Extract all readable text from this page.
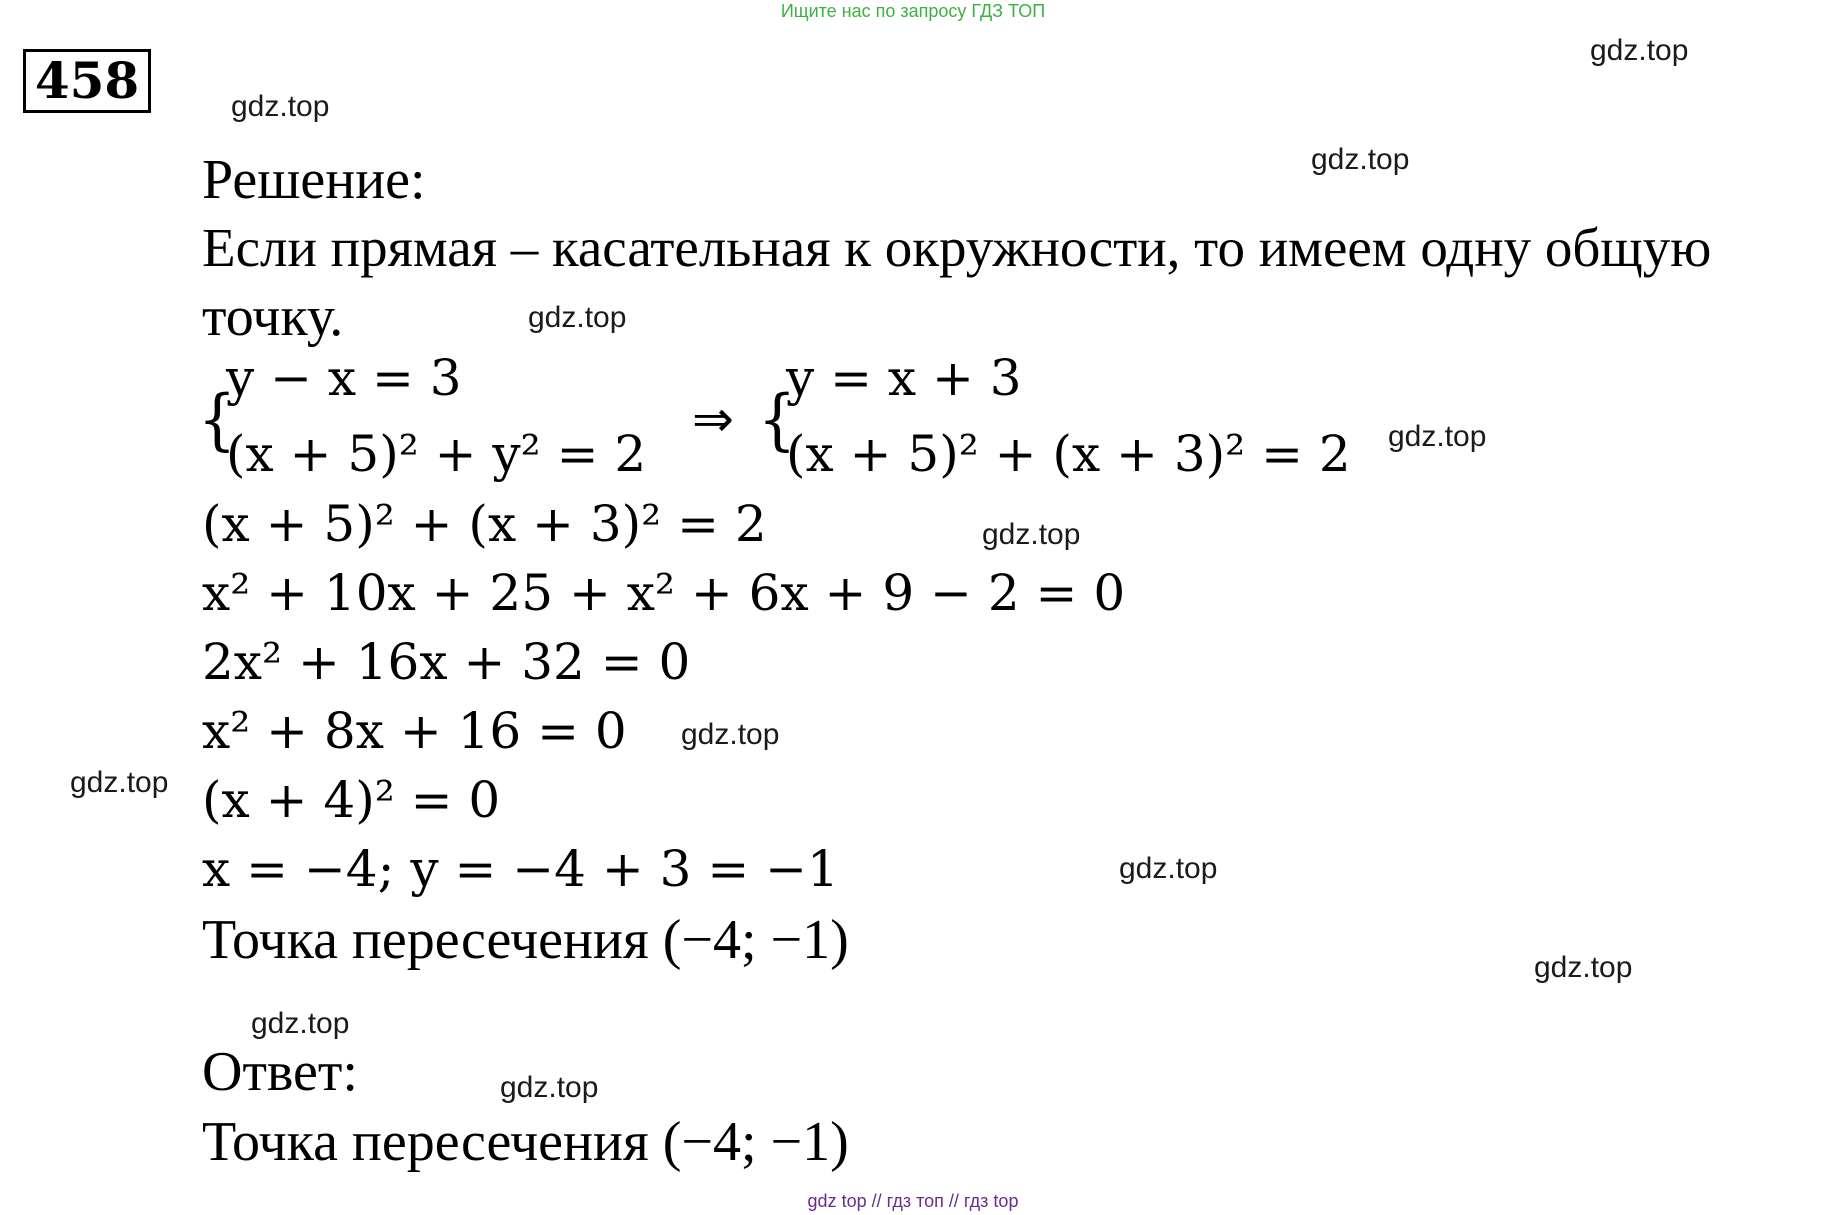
Ищите нас по запросу ГДЗ ТОП
458
gdz.top
gdz.top
gdz.top
gdz.top
gdz.top
gdz.top
gdz.top
gdz.top
gdz.top
gdz.top
gdz.top
gdz.top
Решение:
Если прямая – касательная к окружности, то имеем одну общую
точку.
{
y − x = 3
(x + 5)² + y² = 2
⇒ {
y = x + 3
(x + 5)² + (x + 3)² = 2
(x + 5)² + (x + 3)² = 2
x² + 10x + 25 + x² + 6x + 9 − 2 = 0
2x² + 16x + 32 = 0
x² + 8x + 16 = 0
(x + 4)² = 0
x = −4; y = −4 + 3 = −1
Точка пересечения (−4; −1)
Ответ:
Точка пересечения (−4; −1)
gdz top // гдз топ // гдз top
